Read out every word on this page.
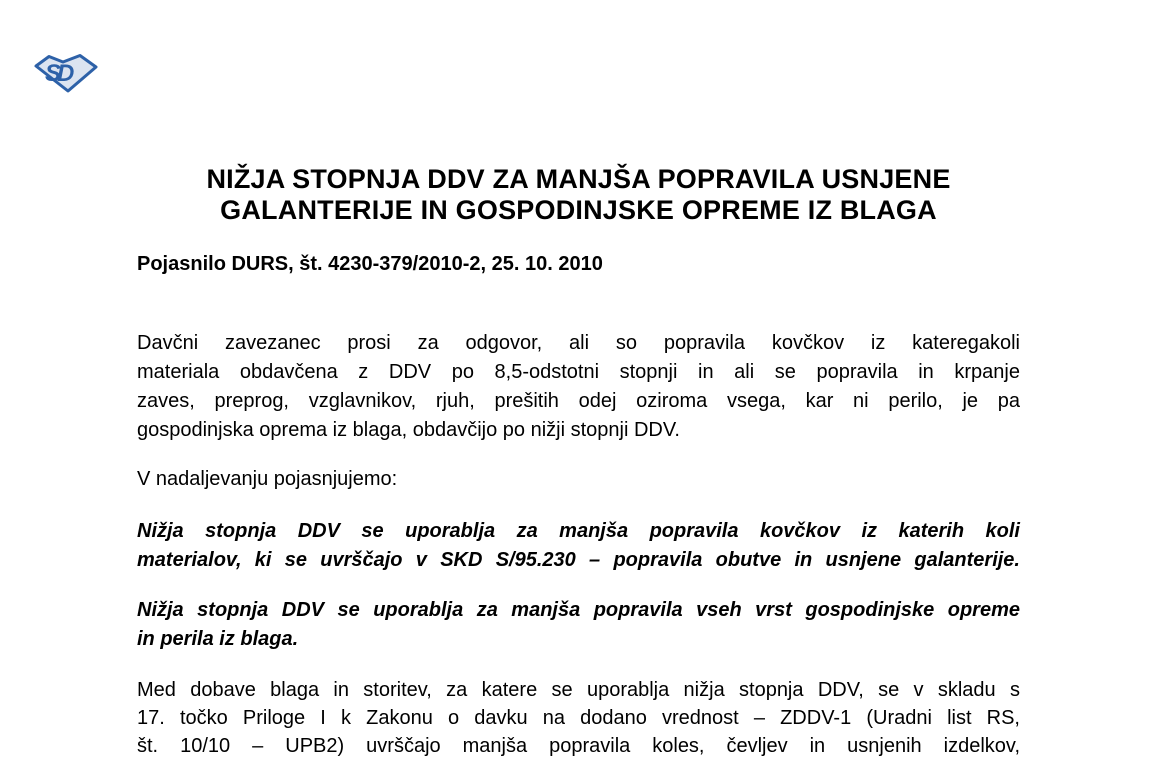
SD
NIŽJA STOPNJA DDV ZA MANJŠA POPRAVILA USNJENE
GALANTERIJE IN GOSPODINJSKE OPREME IZ BLAGA
Pojasnilo DURS, št. 4230-379/2010-2, 25. 10. 2010
Davčni zavezanec prosi za odgovor, ali so popravila kovčkov iz kateregakoli
materiala obdavčena z DDV po 8,5-odstotni stopnji in ali se popravila in krpanje
zaves, preprog, vzglavnikov, rjuh, prešitih odej oziroma vsega, kar ni perilo, je pa
gospodinjska oprema iz blaga, obdavčijo po nižji stopnji DDV.
V nadaljevanju pojasnjujemo:
Nižja stopnja DDV se uporablja za manjša popravila kovčkov iz katerih koli
materialov, ki se uvrščajo v SKD S/95.230 – popravila obutve in usnjene galanterije.
Nižja stopnja DDV se uporablja za manjša popravila vseh vrst gospodinjske opreme
in perila iz blaga.
Med dobave blaga in storitev, za katere se uporablja nižja stopnja DDV, se v skladu s
17. točko Priloge I k Zakonu o davku na dodano vrednost – ZDDV-1 (Uradni list RS,
št. 10/10 – UPB2) uvrščajo manjša popravila koles, čevljev in usnjenih izdelkov,
